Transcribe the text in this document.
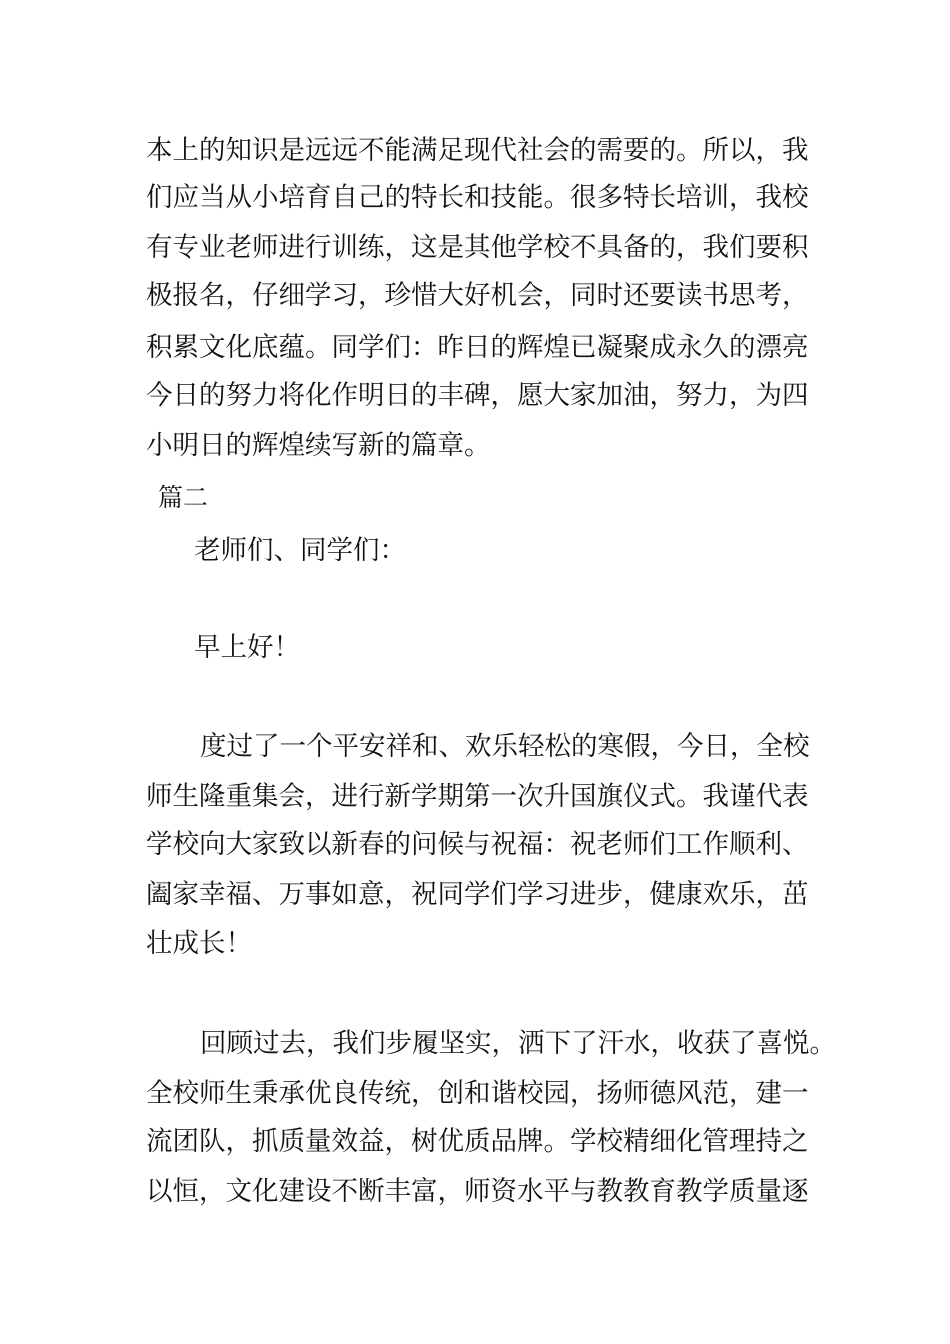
本上的知识是远远不能满足现代社会的需要的。所以，我
们应当从小培育自己的特长和技能。很多特长培训，我校
有专业老师进行训练，这是其他学校不具备的，我们要积
极报名，仔细学习，珍惜大好机会，同时还要读书思考，
积累文化底蕴。同学们：昨日的辉煌已凝聚成永久的漂亮
今日的努力将化作明日的丰碑，愿大家加油，努力，为四
小明日的辉煌续写新的篇章。
篇二
老师们、同学们：
早上好！
度过了一个平安祥和、欢乐轻松的寒假，今日，全校
师生隆重集会，进行新学期第一次升国旗仪式。我谨代表
学校向大家致以新春的问候与祝福：祝老师们工作顺利、
阖家幸福、万事如意，祝同学们学习进步，健康欢乐，茁
壮成长！
回顾过去，我们步履坚实，洒下了汗水，收获了喜悦。
全校师生秉承优良传统，创和谐校园，扬师德风范，建一
流团队，抓质量效益，树优质品牌。学校精细化管理持之
以恒，文化建设不断丰富，师资水平与教教育教学质量逐
